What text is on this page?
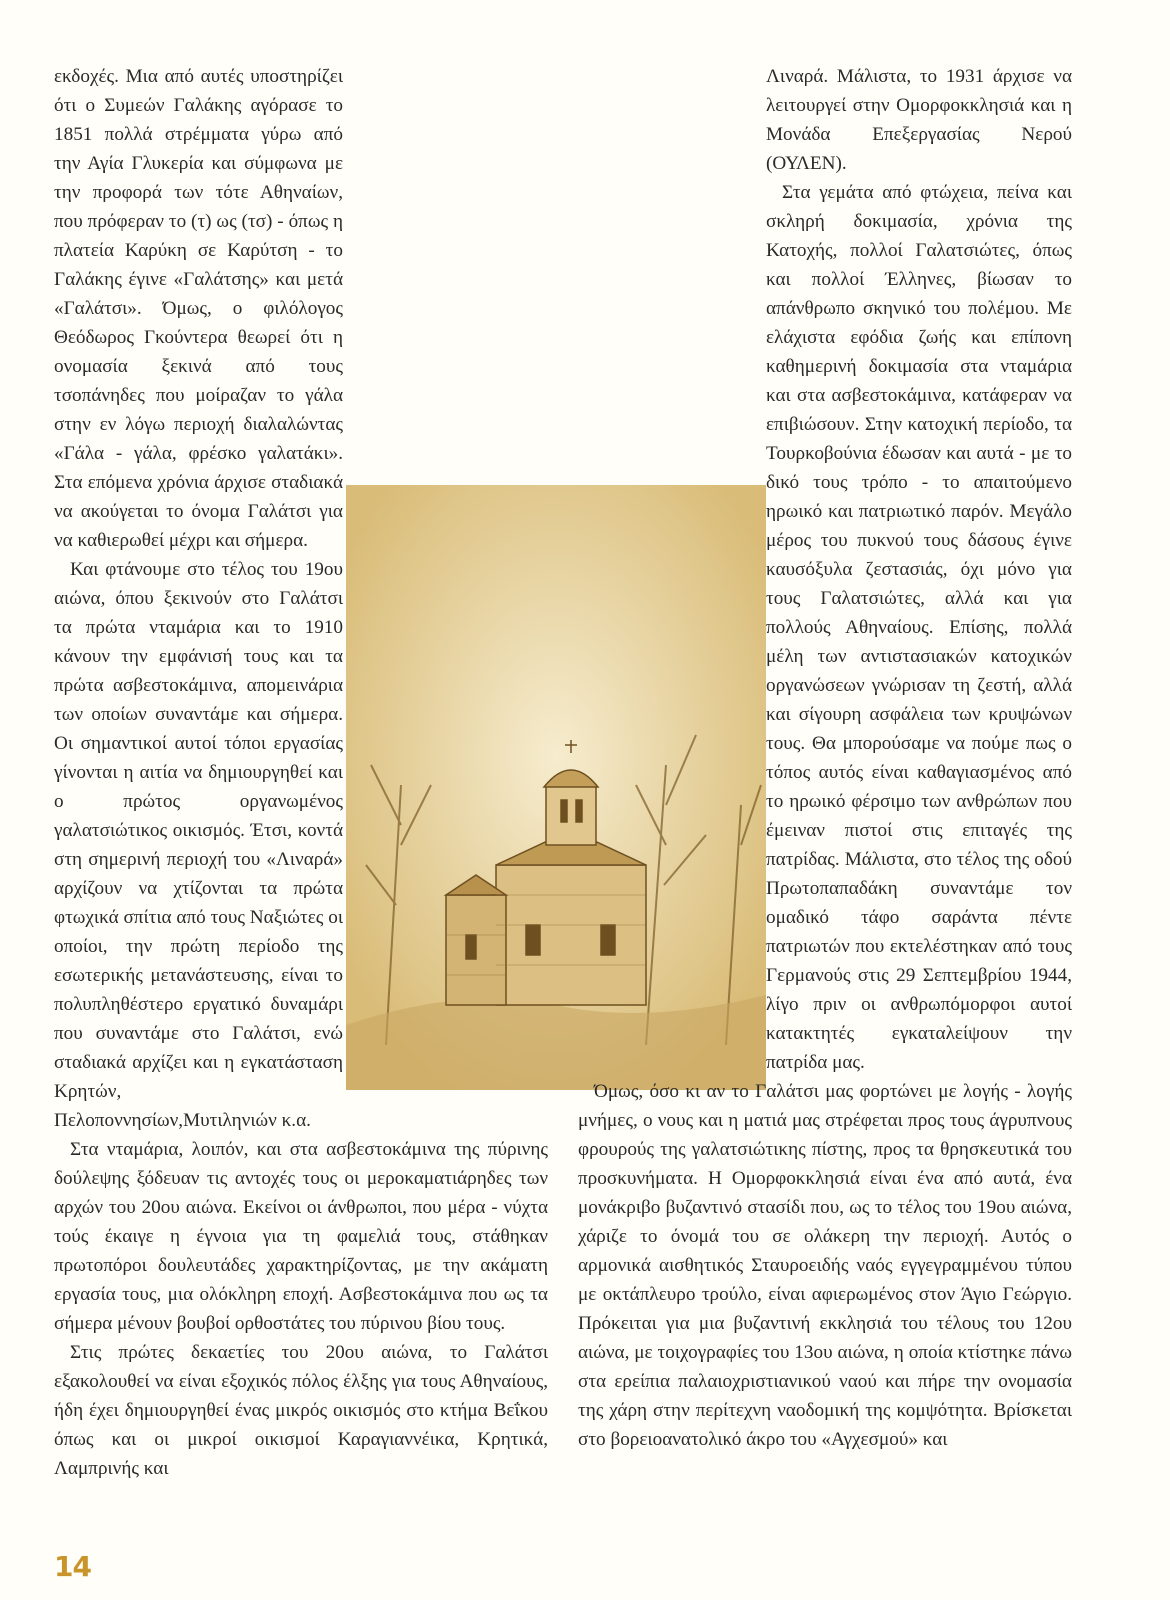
εκδοχές. Μια από αυτές υποστηρίζει ότι ο Συμεών Γαλάκης αγόρασε το 1851 πολλά στρέμματα γύρω από την Αγία Γλυκερία και σύμφωνα με την προφορά των τότε Αθηναίων, που πρόφεραν το (τ) ως (τσ) - όπως η πλατεία Καρύκη σε Καρύτση - το Γαλάκης έγινε «Γαλάτσης» και μετά «Γαλάτσι». Όμως, ο φιλόλογος Θεόδωρος Γκούντερα θεωρεί ότι η ονομασία ξεκινά από τους τσοπάνηδες που μοίραζαν το γάλα στην εν λόγω περιοχή διαλαλώντας «Γάλα - γάλα, φρέσκο γαλατάκι». Στα επόμενα χρόνια άρχισε σταδιακά να ακούγεται το όνομα Γαλάτσι για να καθιερωθεί μέχρι και σήμερα.

Και φτάνουμε στο τέλος του 19ου αιώνα, όπου ξεκινούν στο Γαλάτσι τα πρώτα νταμάρια και το 1910 κάνουν την εμφάνισή τους και τα πρώτα ασβεστοκάμινα, απομεινάρια των οποίων συναντάμε και σήμερα. Οι σημαντικοί αυτοί τόποι εργασίας γίνονται η αιτία να δημιουργηθεί και ο πρώτος οργανωμένος γαλατσιώτικος οικισμός. Έτσι, κοντά στη σημερινή περιοχή του «Λιναρά» αρχίζουν να χτίζονται τα πρώτα φτωχικά σπίτια από τους Ναξιώτες οι οποίοι, την πρώτη περίοδο της εσωτερικής μετανάστευσης, είναι το πολυπληθέστερο εργατικό δυναμάρι που συναντάμε στο Γαλάτσι, ενώ σταδιακά αρχίζει και η εγκατάσταση Κρητών, Πελοποννησίων,Μυτιληνιών κ.α.

Στα νταμάρια, λοιπόν, και στα ασβεστοκάμινα της πύρινης δούλεψης ξόδευαν τις αντοχές τους οι μεροκαματιάρηδες των αρχών του 20ου αιώνα. Εκείνοι οι άνθρωποι, που μέρα - νύχτα τούς έκαιγε η έγνοια για τη φαμελιά τους, στάθηκαν πρωτοπόροι δουλευτάδες χαρακτηρίζοντας, με την ακάματη εργασία τους, μια ολόκληρη εποχή. Ασβεστοκάμινα που ως τα σήμερα μένουν βουβοί ορθοστάτες του πύρινου βίου τους.

Στις πρώτες δεκαετίες του 20ου αιώνα, το Γαλάτσι εξακολουθεί να είναι εξοχικός πόλος έλξης για τους Αθηναίους, ήδη έχει δημιουργηθεί ένας μικρός οικισμός στο κτήμα Βεΐκου όπως και οι μικροί οικισμοί Καραγιαννέικα, Κρητικά, Λαμπρινής και

Λιναρά. Μάλιστα, το 1931 άρχισε να λειτουργεί στην Ομορφοκκλησιά και η Μονάδα Επεξεργασίας Νερού (ΟΥΛΕΝ).

Στα γεμάτα από φτώχεια, πείνα και σκληρή δοκιμασία, χρόνια της Κατοχής, πολλοί Γαλατσιώτες, όπως και πολλοί Έλληνες, βίωσαν το απάνθρωπο σκηνικό του πολέμου. Με ελάχιστα εφόδια ζωής και επίπονη καθημερινή δοκιμασία στα νταμάρια και στα ασβεστοκάμινα, κατάφεραν να επιβιώσουν. Στην κατοχική περίοδο, τα Τουρκοβούνια έδωσαν και αυτά - με το δικό τους τρόπο - το απαιτούμενο ηρωικό και πατριωτικό παρόν. Μεγάλο μέρος του πυκνού τους δάσους έγινε καυσόξυλα ζεστασιάς, όχι μόνο για τους Γαλατσιώτες, αλλά και για πολλούς Αθηναίους. Επίσης, πολλά μέλη των αντιστασιακών κατοχικών οργανώσεων γνώρισαν τη ζεστή, αλλά και σίγουρη ασφάλεια των κρυψώνων τους. Θα μπορούσαμε να πούμε πως ο τόπος αυτός είναι καθαγιασμένος από το ηρωικό φέρσιμο των ανθρώπων που έμειναν πιστοί στις επιταγές της πατρίδας. Μάλιστα, στο τέλος της οδού Πρωτοπαπαδάκη συναντάμε τον ομαδικό τάφο σαράντα πέντε πατριωτών που εκτελέστηκαν από τους Γερμανούς στις 29 Σεπτεμβρίου 1944, λίγο πριν οι ανθρωπόμορφοι αυτοί κατακτητές εγκαταλείψουν την πατρίδα μας.

Όμως, όσο κι αν το Γαλάτσι μας φορτώνει με λογής - λογής μνήμες, ο νους και η ματιά μας στρέφεται προς τους άγρυπνους φρουρούς της γαλατσιώτικης πίστης, προς τα θρησκευτικά του προσκυνήματα. Η Ομορφοκκλησιά είναι ένα από αυτά, ένα μονάκριβο βυζαντινό στασίδι που, ως το τέλος του 19ου αιώνα, χάριζε το όνομά του σε ολάκερη την περιοχή. Αυτός ο αρμονικά αισθητικός Σταυροειδής ναός εγγεγραμμένου τύπου με οκτάπλευρο τρούλο, είναι αφιερωμένος στον Άγιο Γεώργιο. Πρόκειται για μια βυζαντινή εκκλησιά του τέλους του 12ου αιώνα, με τοιχογραφίες του 13ου αιώνα, η οποία κτίστηκε πάνω στα ερείπια παλαιοχριστιανικού ναού και πήρε την ονομασία της χάρη στην περίτεχνη ναοδομική της κομψότητα. Βρίσκεται στο βορειοανατολικό άκρο του «Αγχεσμού» και

14
